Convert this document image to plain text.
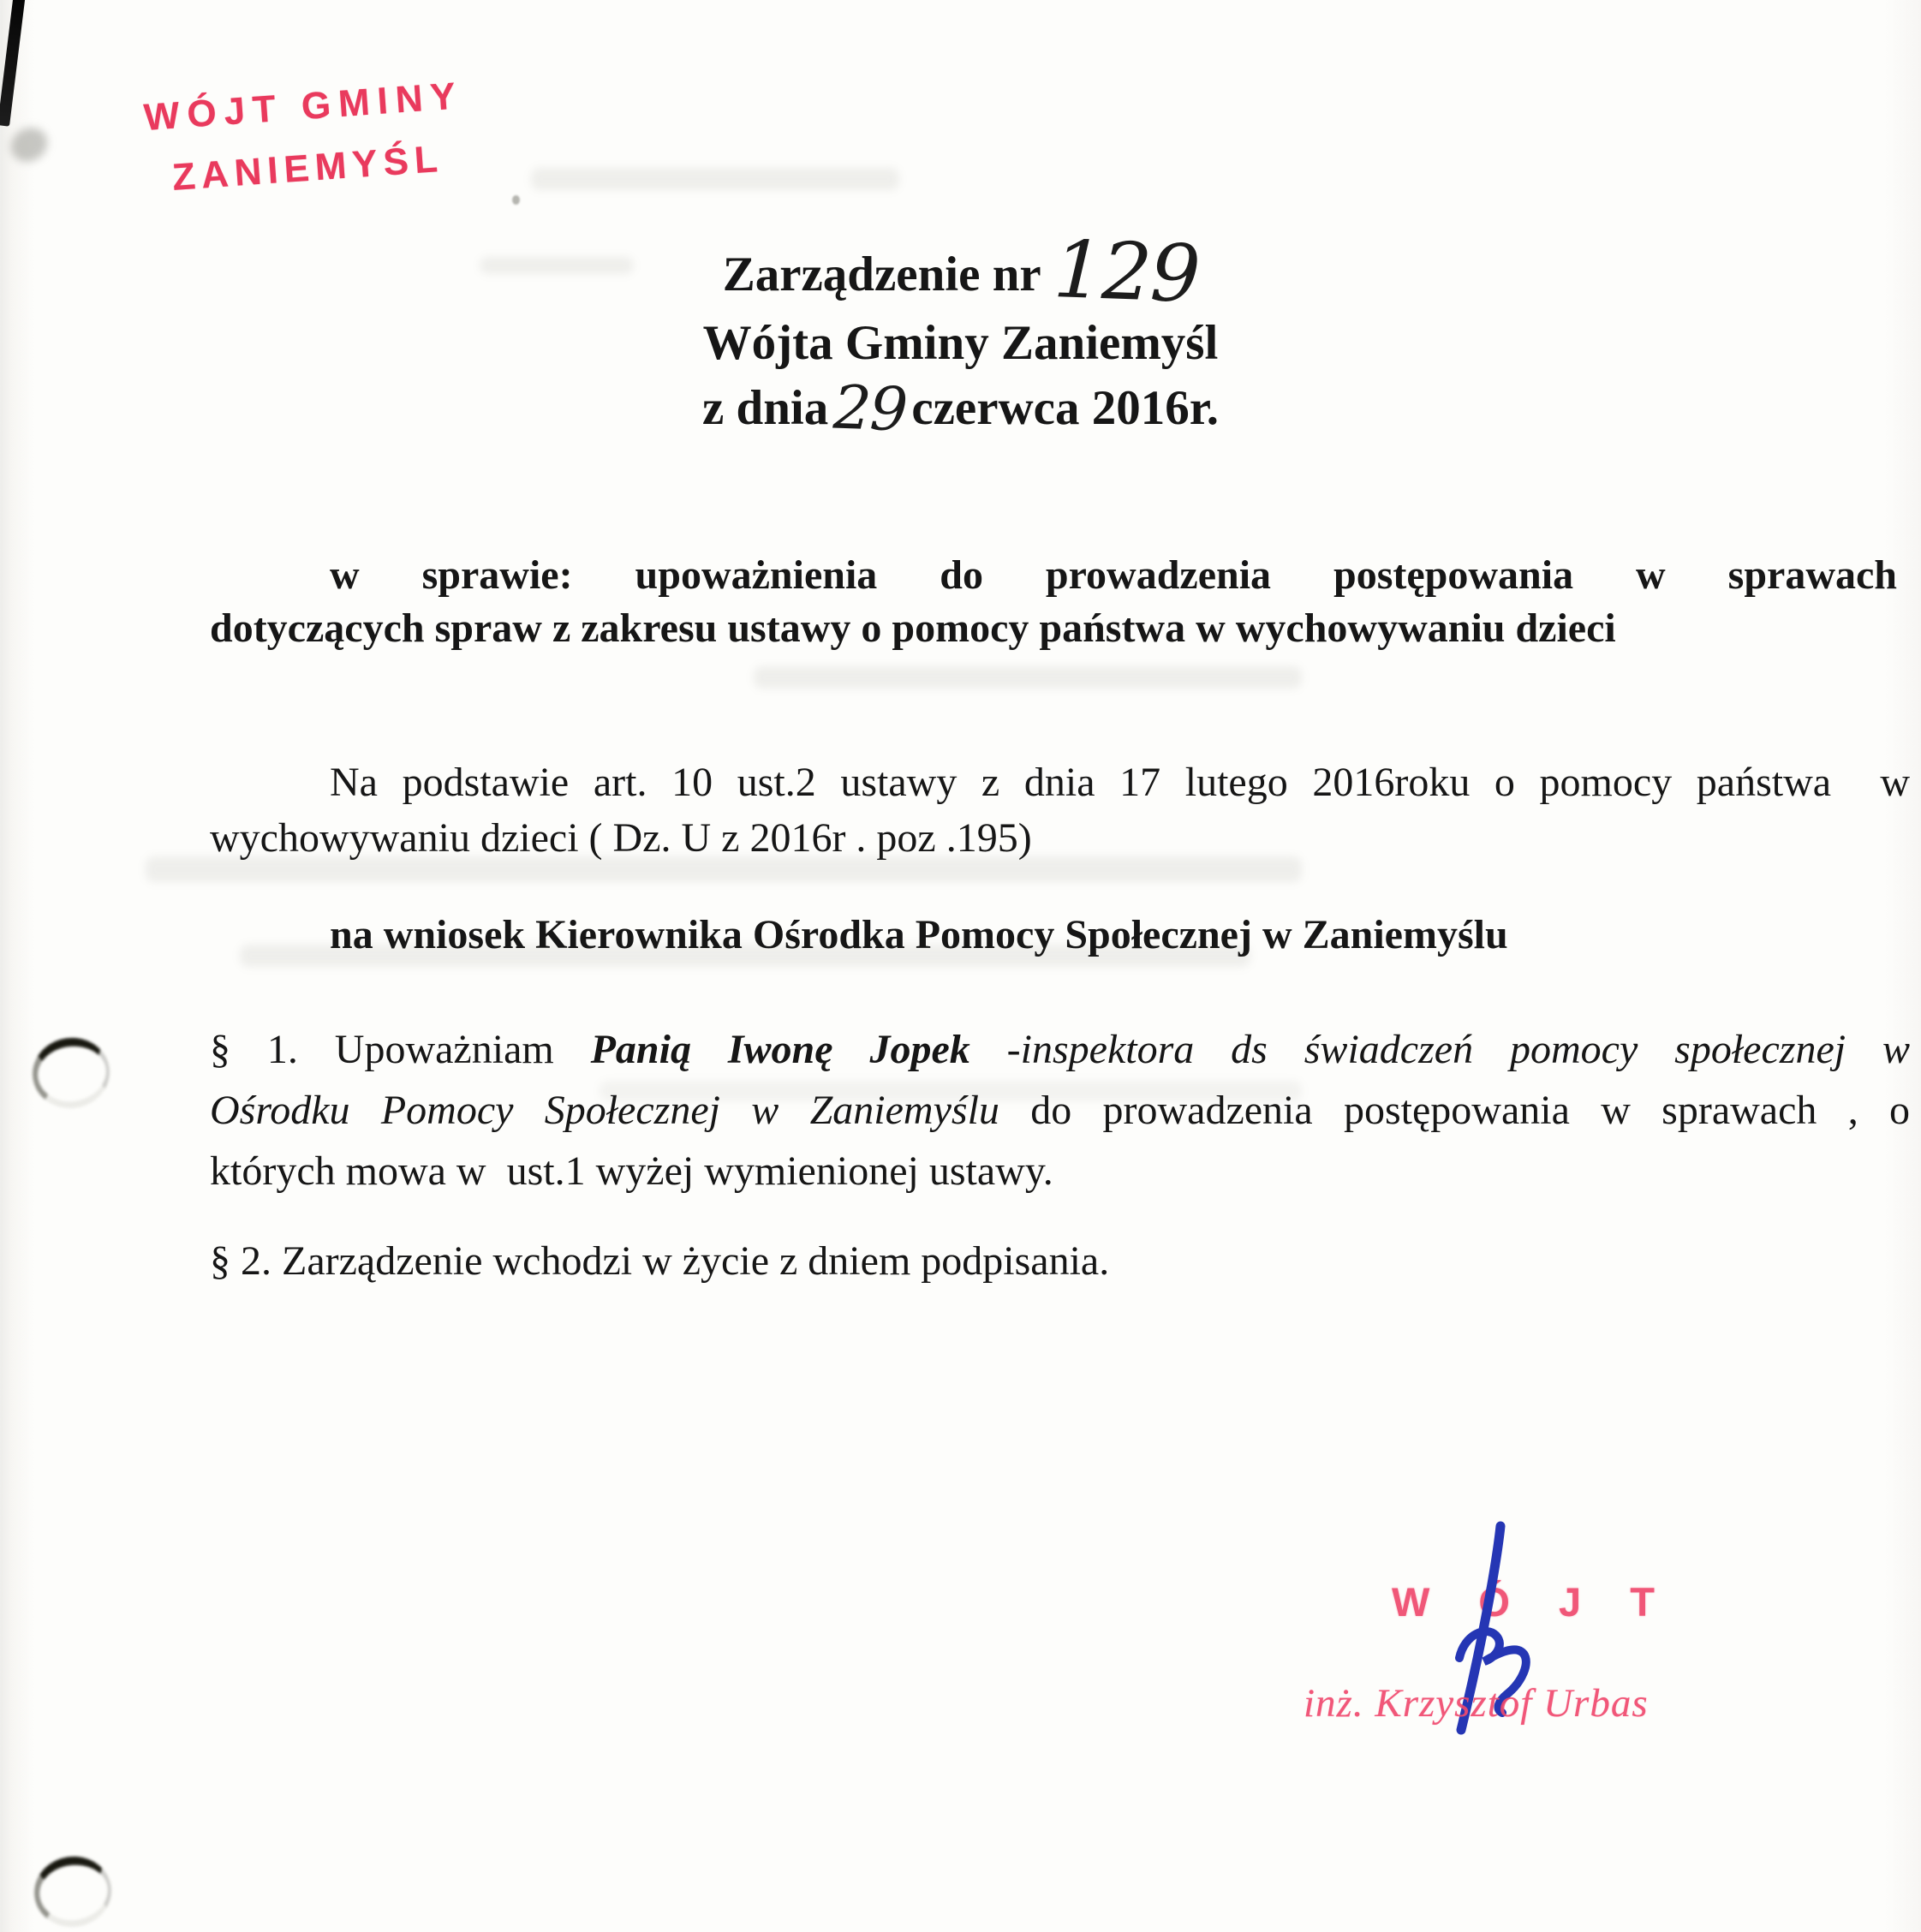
WÓJT GMINY
ZANIEMYŚL
Zarządzenie nr 129
Wójta Gminy Zaniemyśl
z dnia29czerwca 2016r.
w sprawie: upoważnienia do prowadzenia postępowania w sprawach
dotyczących spraw z zakresu ustawy o pomocy państwa w wychowywaniu dzieci
Na podstawie art. 10 ust.2 ustawy z dnia 17 lutego 2016roku o pomocy państwa  w
wychowywaniu dzieci ( Dz. U z 2016r . poz .195)
na wniosek Kierownika Ośrodka Pomocy Społecznej w Zaniemyślu
§ 1. Upoważniam Panią Iwonę Jopek -inspektora ds świadczeń pomocy społecznej w
Ośrodku Pomocy Społecznej w Zaniemyślu do prowadzenia postępowania w sprawach , o
których mowa w  ust.1 wyżej wymienionej ustawy.
§ 2. Zarządzenie wchodzi w życie z dniem podpisania.
W Ó J T
inż. Krzysztof Urbas
